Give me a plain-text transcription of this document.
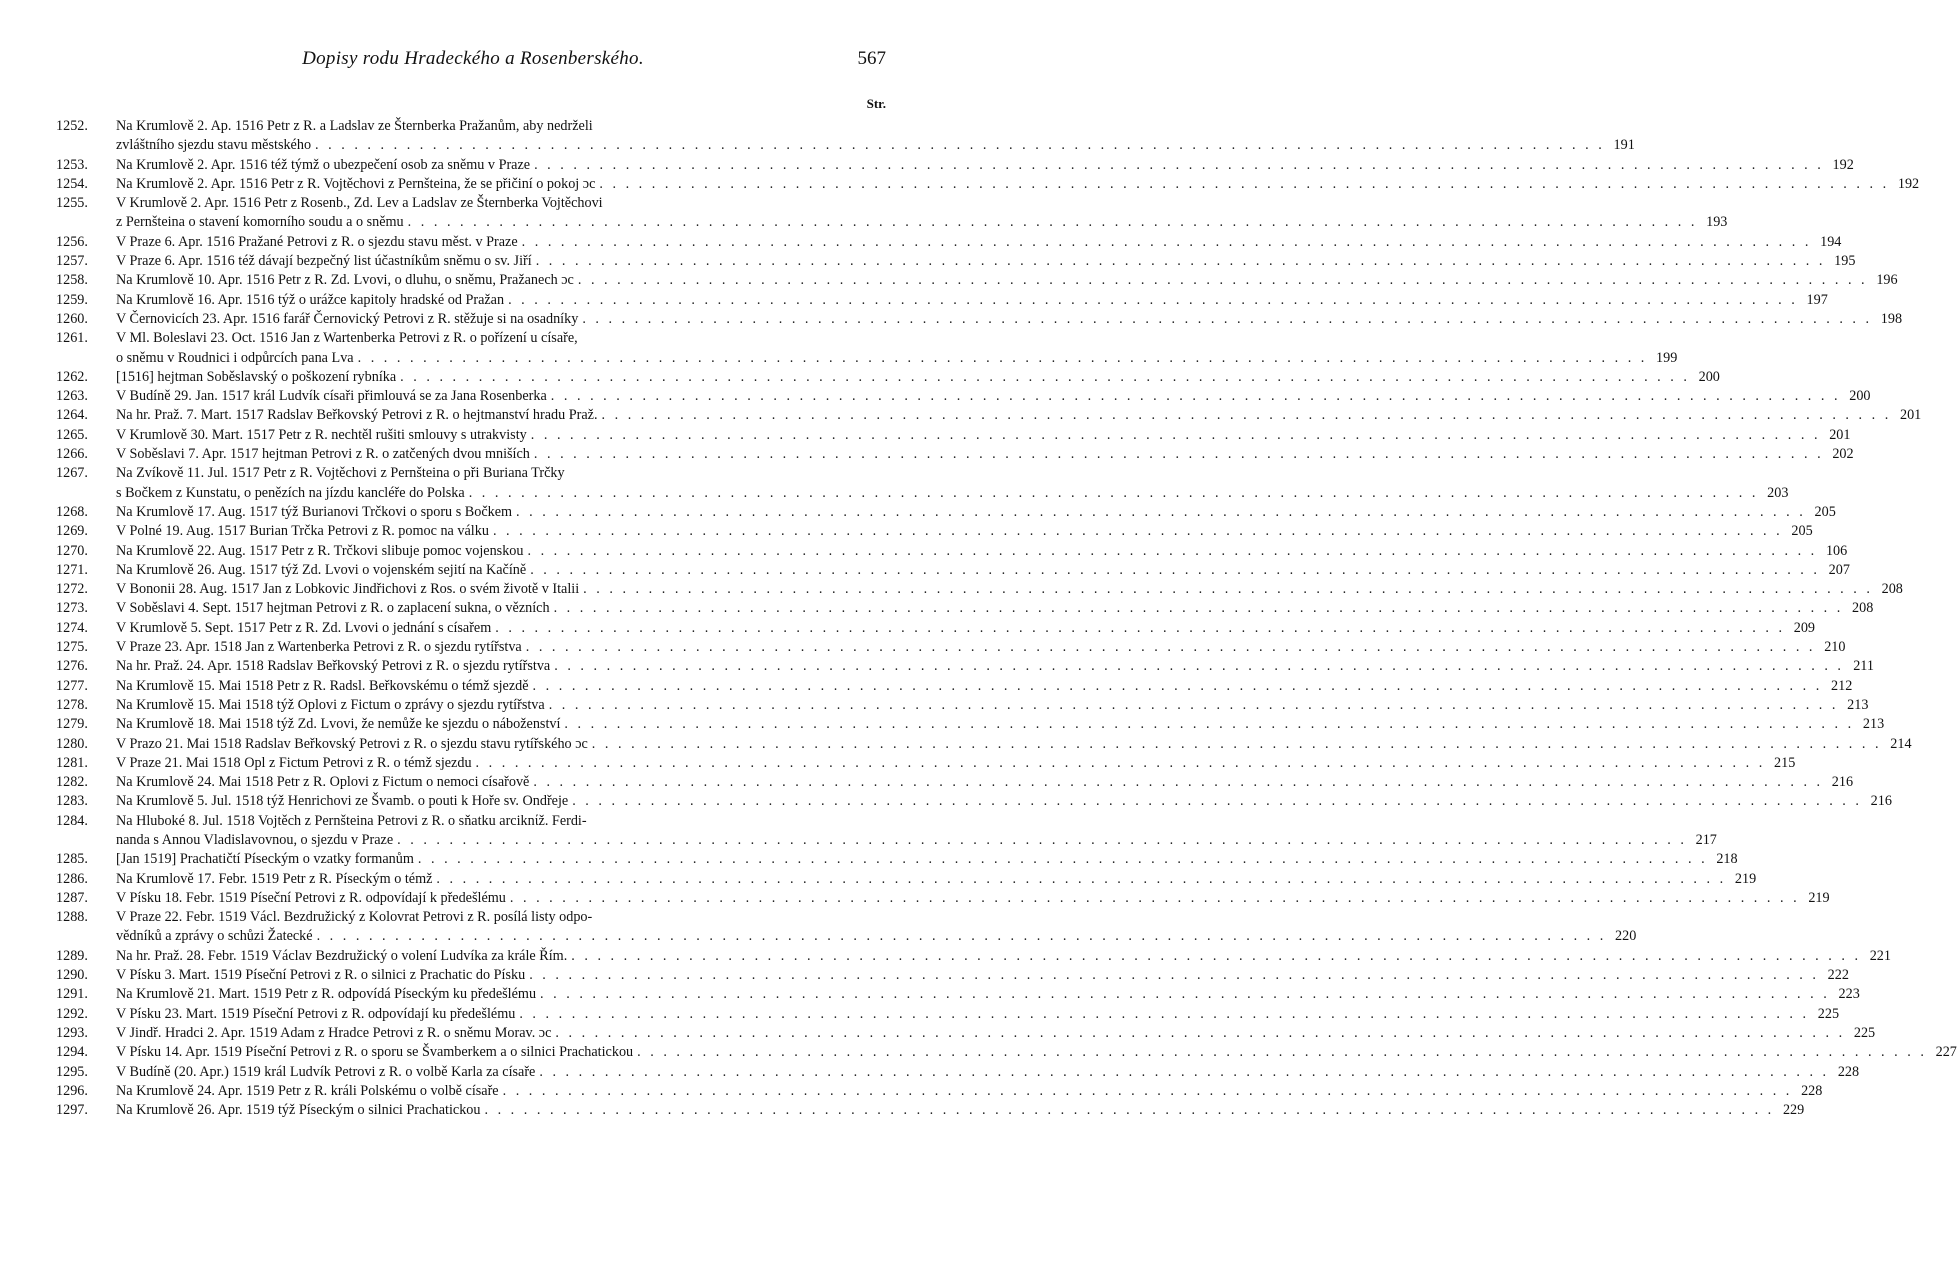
Dopisy rodu Hradeckého a Rosenberského.	567
Str.
1252.	Na Krumlově 2. Ap. 1516 Petr z R. a Ladslav ze Šternberka Pražanům, aby nedrželi
zvláštního sjezdu stavu městského . . .	191
1253.	Na Krumlově 2. Apr. 1516 též týmž o ubezpečení osob za sněmu v Praze . . .	192
1254.	Na Krumlově 2. Apr. 1516 Petr z R. Vojtěchovi z Pernšteina, že se přičiní o pokoj ɔc . . .	192
1255.	V Krumlově 2. Apr. 1516 Petr z Rosenb., Zd. Lev a Ladslav ze Šternberka Vojtěchovi
z Pernšteina o stavení komorního soudu a o sněmu . . .	193
1256.	V Praze 6. Apr. 1516 Pražané Petrovi z R. o sjezdu stavu měst. v Praze . . .	194
1257.	V Praze 6. Apr. 1516 též dávají bezpečný list účastníkům sněmu o sv. Jiří . . .	195
1258.	Na Krumlově 10. Apr. 1516 Petr z R. Zd. Lvovi, o dluhu, o sněmu, Pražanech ɔc . . .	196
1259.	Na Krumlově 16. Apr. 1516 týž o urážce kapitoly hradské od Pražan . . .	197
1260.	V Černovicích 23. Apr. 1516 farář Černovický Petrovi z R. stěžuje si na osadníky . . .	198
1261.	V Ml. Boleslavi 23. Oct. 1516 Jan z Wartenberka Petrovi z R. o pořízení u císaře,
o sněmu v Roudnici i odpůrcích pana Lva . . .	199
1262.	[1516] hejtman Soběslavský o poškození rybníka . . .	200
1263.	V Budíně 29. Jan. 1517 král Ludvík císaři přimlouvá se za Jana Rosenberka . . .	200
1264.	Na hr. Praž. 7. Mart. 1517 Radslav Beřkovský Petrovi z R. o hejtmanství hradu Praž. . . .	201
1265.	V Krumlově 30. Mart. 1517 Petr z R. nechtěl rušiti smlouvy s utrakvisty . . .	201
1266.	V Soběslavi 7. Apr. 1517 hejtman Petrovi z R. o zatčených dvou mniších . . .	202
1267.	Na Zvíkově 11. Jul. 1517 Petr z R. Vojtěchovi z Pernšteina o při Buriana Trčky
s Bočkem z Kunstatu, o penězích na jízdu kancléře do Polska . . .	203
1268.	Na Krumlově 17. Aug. 1517 týž Burianovi Trčkovi o sporu s Bočkem . . .	205
1269.	V Polné 19. Aug. 1517 Burian Trčka Petrovi z R. pomoc na válku . . .	205
1270.	Na Krumlově 22. Aug. 1517 Petr z R. Trčkovi slibuje pomoc vojenskou . . .	106
1271.	Na Krumlově 26. Aug. 1517 týž Zd. Lvovi o vojenském sejití na Kačíně . . .	207
1272.	V Bononii 28. Aug. 1517 Jan z Lobkovic Jindřichovi z Ros. o svém životě v Italii . . .	208
1273.	V Soběslavi 4. Sept. 1517 hejtman Petrovi z R. o zaplacení sukna, o vězních . . .	208
1274.	V Krumlově 5. Sept. 1517 Petr z R. Zd. Lvovi o jednání s císařem . . .	209
1275.	V Praze 23. Apr. 1518 Jan z Wartenberka Petrovi z R. o sjezdu rytířstva . . .	210
1276.	Na hr. Praž. 24. Apr. 1518 Radslav Beřkovský Petrovi z R. o sjezdu rytířstva . . .	211
1277.	Na Krumlově 15. Mai 1518 Petr z R. Radsl. Beřkovskému o témž sjezdě . . .	212
1278.	Na Krumlově 15. Mai 1518 týž Oplovi z Fictum o zprávy o sjezdu rytířstva . . .	213
1279.	Na Krumlově 18. Mai 1518 týž Zd. Lvovi, že nemůže ke sjezdu o náboženství . . .	213
1280.	V Prazo 21. Mai 1518 Radslav Beřkovský Petrovi z R. o sjezdu stavu rytířského ɔc . . .	214
1281.	V Praze 21. Mai 1518 Opl z Fictum Petrovi z R. o témž sjezdu . . .	215
1282.	Na Krumlově 24. Mai 1518 Petr z R. Oplovi z Fictum o nemoci císařově . . .	216
1283.	Na Krumlově 5. Jul. 1518 týž Henrichovi ze Švamb. o pouti k Hoře sv. Ondřeje . . .	216
1284.	Na Hluboké 8. Jul. 1518 Vojtěch z Pernšteina Petrovi z R. o sňatku arciknίž. Ferdi-
nanda s Annou Vladislavovnou, o sjezdu v Praze . . .	217
1285.	[Jan 1519] Prachatičtí Píseckým o vzatky formanům . . .	218
1286.	Na Krumlově 17. Febr. 1519 Petr z R. Píseckým o témž . . .	219
1287.	V Písku 18. Febr. 1519 Píseční Petrovi z R. odpovídají k předešlému . . .	219
1288.	V Praze 22. Febr. 1519 Václ. Bezdružický z Kolovrat Petrovi z R. posílá listy odpo-
vědníků a zprávy o schůzi Žatecké . . .	220
1289.	Na hr. Praž. 28. Febr. 1519 Václav Bezdružický o volení Ludvíka za krále Řím. . . .	221
1290.	V Písku 3. Mart. 1519 Píseční Petrovi z R. o silnici z Prachatic do Písku . . .	222
1291.	Na Krumlově 21. Mart. 1519 Petr z R. odpovídá Píseckým ku předešlému . . .	223
1292.	V Písku 23. Mart. 1519 Píseční Petrovi z R. odpovídají ku předešlému . . .	225
1293.	V Jindř. Hradci 2. Apr. 1519 Adam z Hradce Petrovi z R. o sněmu Morav. ɔc . . .	225
1294.	V Písku 14. Apr. 1519 Píseční Petrovi z R. o sporu se Švamberkem a o silnici Prachatickou . . .	227
1295.	V Budíně (20. Apr.) 1519 král Ludvík Petrovi z R. o volbě Karla za císaře . . .	228
1296.	Na Krumlově 24. Apr. 1519 Petr z R. králi Polskému o volbě císaře . . .	228
1297.	Na Krumlově 26. Apr. 1519 týž Píseckým o silnici Prachatickou . . .	229
